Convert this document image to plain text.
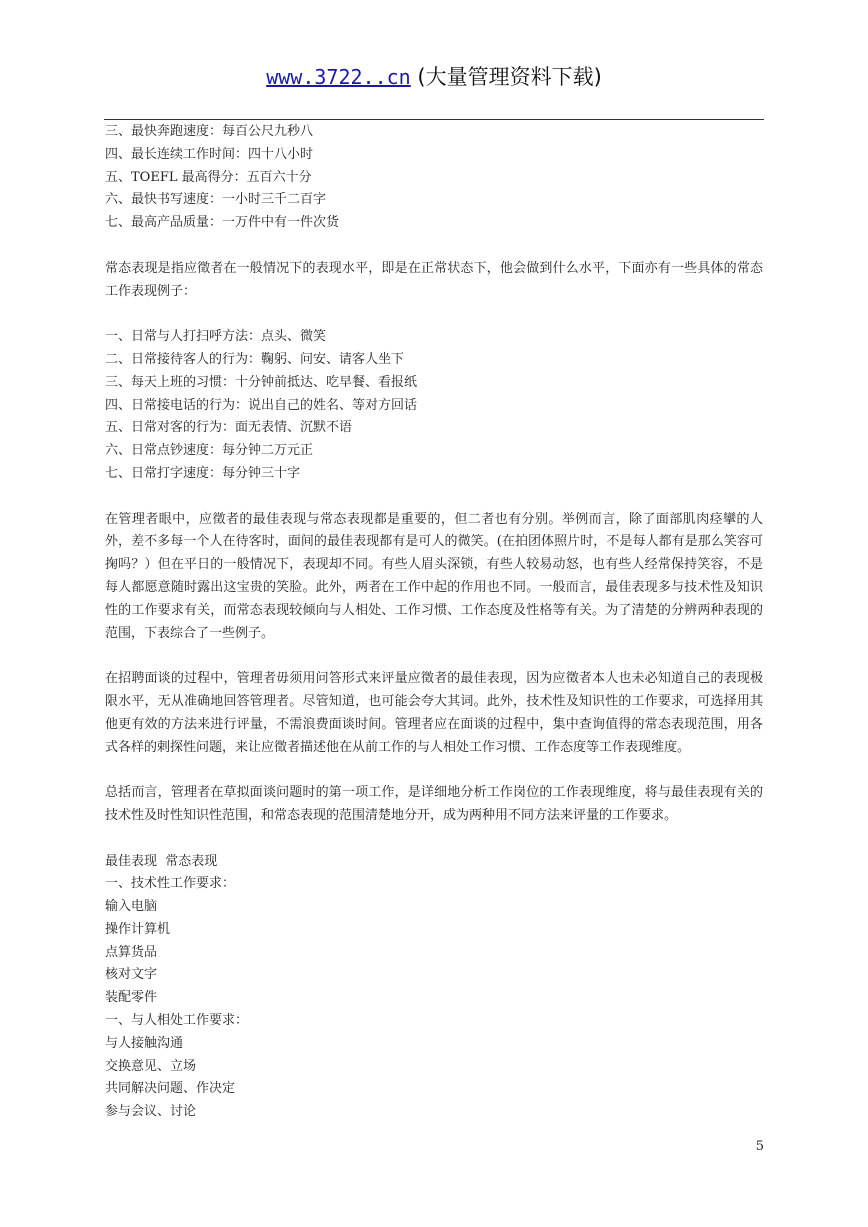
www.3722..cn (大量管理资料下载)
三、最快奔跑速度：每百公尺九秒八
四、最长连续工作时间：四十八小时
五、TOEFL 最高得分：五百六十分
六、最快书写速度：一小时三千二百字
七、最高产品质量：一万件中有一件次货

常态表现是指应徵者在一般情况下的表现水平，即是在正常状态下，他会做到什么水平，下面亦有一些具体的常态工作表现例子：

一、日常与人打扫呼方法：点头、微笑
二、日常接待客人的行为：鞠躬、问安、请客人坐下
三、每天上班的习惯：十分钟前抵达、吃早餐、看报纸
四、日常接电话的行为：说出自己的姓名、等对方回话
五、日常对客的行为：面无表情、沉默不语
六、日常点钞速度：每分钟二万元正
七、日常打字速度：每分钟三十字

在管理者眼中，应徵者的最佳表现与常态表现都是重要的，但二者也有分别。举例而言，除了面部肌肉痉攣的人外，差不多每一个人在待客时，面间的最佳表现都有是可人的微笑。(在拍团体照片时，不是每人都有是那么笑容可掬吗？）但在平日的一般情况下，表现却不同。有些人眉头深锁，有些人较易动怒，也有些人经常保持笑容，不是每人都愿意随时露出这宝贵的笑脸。此外，两者在工作中起的作用也不同。一般而言，最佳表现多与技术性及知识性的工作要求有关，而常态表现较倾向与人相处、工作习惯、工作态度及性格等有关。为了清楚的分辨两种表现的范围，下表综合了一些例子。

在招聘面谈的过程中，管理者毋须用问答形式来评量应徵者的最佳表现，因为应徵者本人也未必知道自己的表现极限水平，无从准确地回答管理者。尽管知道，也可能会夸大其词。此外，技术性及知识性的工作要求，可选择用其他更有效的方法来进行评量，不需浪费面谈时间。管理者应在面谈的过程中，集中查询值得的常态表现范围，用各式各样的剌探性问题，来让应徵者描述他在从前工作的与人相处工作习惯、工作态度等工作表现维度。

总括而言，管理者在草拟面谈问题时的第一项工作，是详细地分析工作岗位的工作表现维度，将与最佳表现有关的技术性及时性知识性范围，和常态表现的范围清楚地分开，成为两种用不同方法来评量的工作要求。

最佳表现  常态表现
一、技术性工作要求：
输入电脑
操作计算机
点算货品
核对文字
装配零件
一、与人相处工作要求：
与人接触沟通
交换意见、立场
共同解决问题、作决定
参与会议、讨论
5
